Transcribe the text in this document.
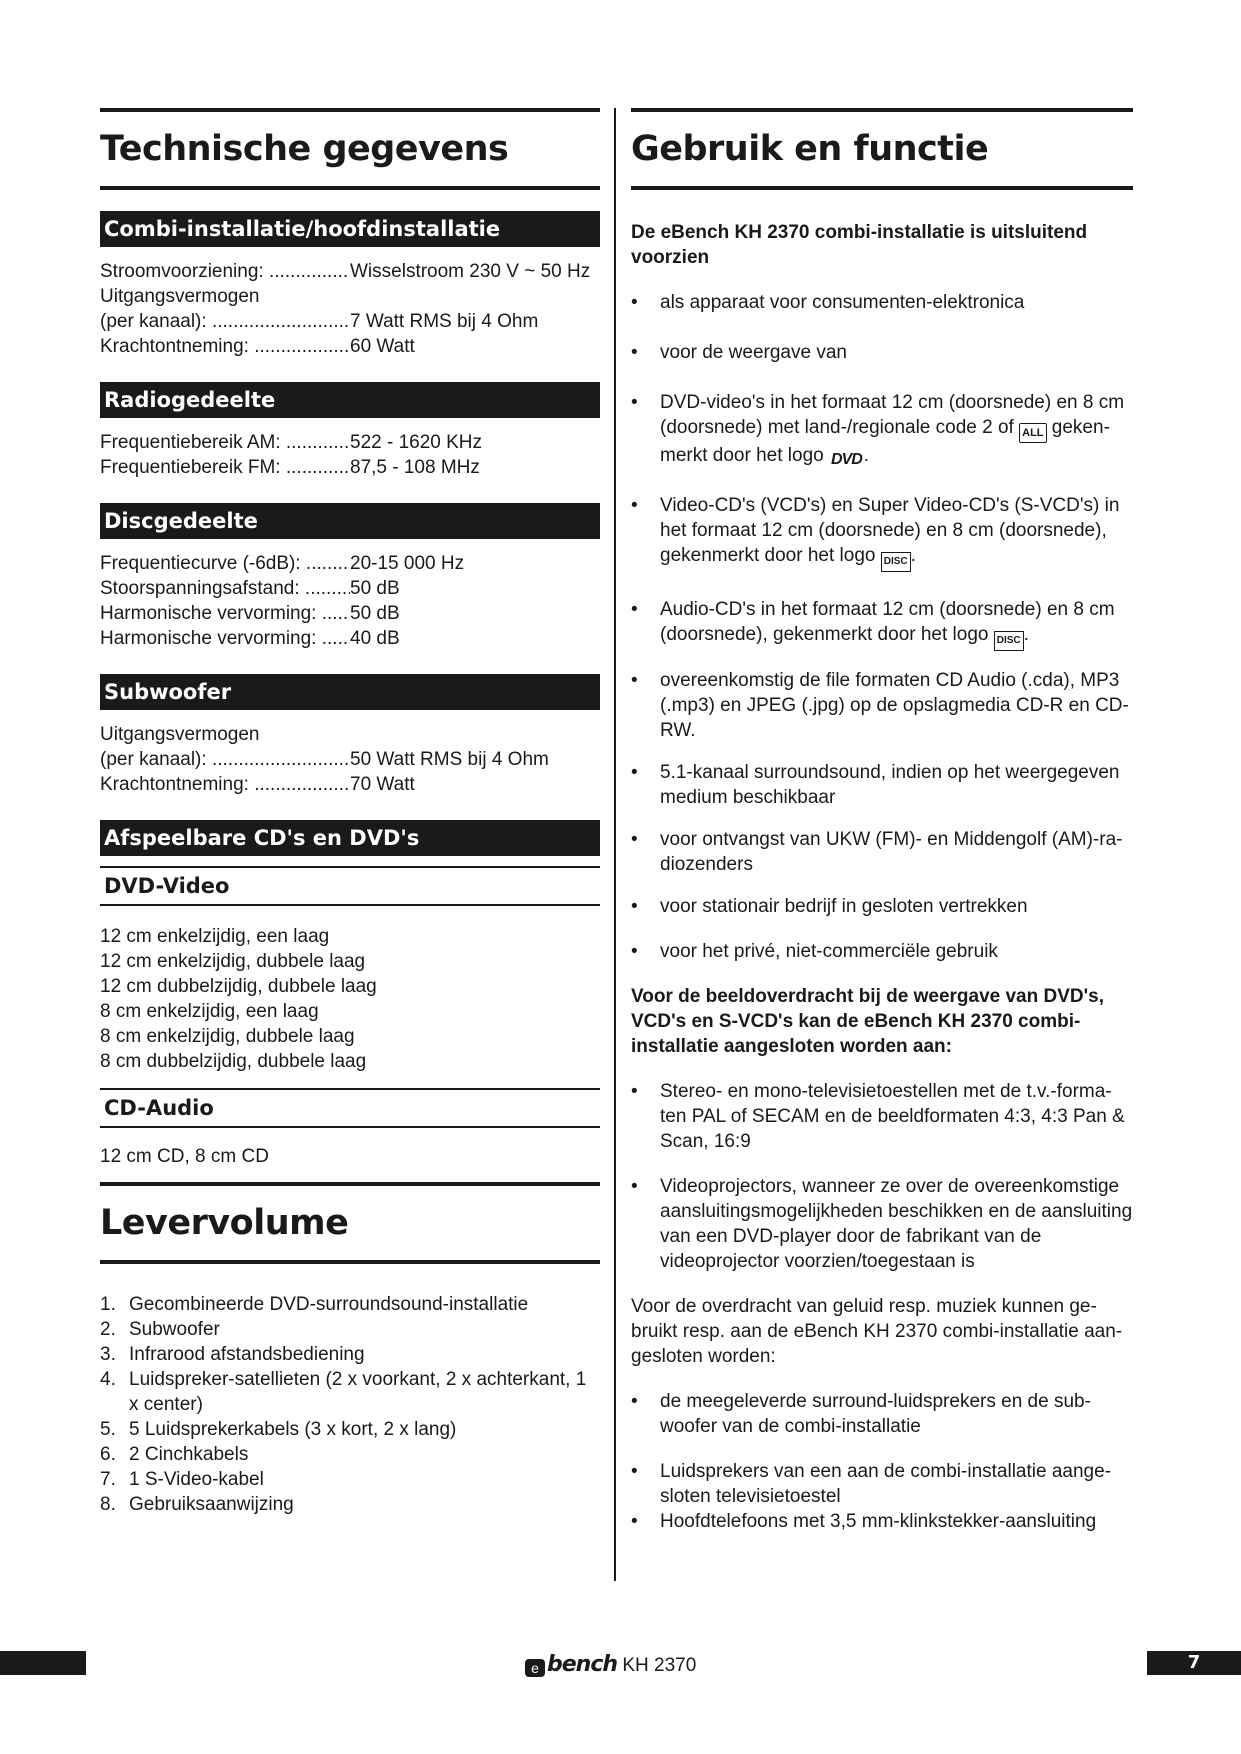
Technische gegevens
Combi-installatie/hoofdinstallatie
Stroomvoorziening: .....	Wisselstroom 230 V ~ 50 Hz
Uitgangsvermogen
(per kanaal): .....	7 Watt RMS bij 4 Ohm
Krachtontneming: .....	60 Watt
Radiogedeelte
Frequentiebereik AM: .....	522 - 1620 KHz
Frequentiebereik FM: .....	87,5 - 108 MHz
Discgedeelte
Frequentiecurve (-6dB): .....	20-15 000 Hz
Stoorspanningsafstand: .....	50 dB
Harmonische vervorming: .....	50 dB
Harmonische vervorming: .....	40 dB
Subwoofer
Uitgangsvermogen
(per kanaal): .....	50 Watt RMS bij 4 Ohm
Krachtontneming: .....	70 Watt
Afspeelbare CD's en DVD's
DVD-Video
12 cm enkelzijdig, een laag
12 cm enkelzijdig, dubbele laag
12 cm dubbelzijdig, dubbele laag
8 cm enkelzijdig, een laag
8 cm enkelzijdig, dubbele laag
8 cm dubbelzijdig, dubbele laag
CD-Audio
12 cm CD, 8 cm CD
Levervolume
1. Gecombineerde DVD-surroundsound-installatie
2. Subwoofer
3. Infrarood afstandsbediening
4. Luidspreker-satellieten (2 x voorkant, 2 x achterkant, 1 x center)
5. 5 Luidsprekerkabels (3 x kort, 2 x lang)
6. 2 Cinchkabels
7. 1 S-Video-kabel
8. Gebruiksaanwijzing
Gebruik en functie
De eBench KH 2370 combi-installatie is uitsluitend voorzien
• als apparaat voor consumenten-elektronica
• voor de weergave van
• DVD-video's in het formaat 12 cm (doorsnede) en 8 cm (doorsnede) met land-/regionale code 2 of ALL geken-merkt door het logo DVD .
• Video-CD's (VCD's) en Super Video-CD's (S-VCD's) in het formaat 12 cm (doorsnede) en 8 cm (doorsnede), gekenmerkt door het logo DISC .
• Audio-CD's in het formaat 12 cm (doorsnede) en 8 cm (doorsnede), gekenmerkt door het logo DISC .
• overeenkomstig de file formaten CD Audio (.cda), MP3 (.mp3) en JPEG (.jpg) op de opslagmedia CD-R en CD-RW.
• 5.1-kanaal surroundsound, indien op het weergegeven medium beschikbaar
• voor ontvangst van UKW (FM)- en Middengolf (AM)-ra-diozenders
• voor stationair bedrijf in gesloten vertrekken
• voor het privé, niet-commerciële gebruik
Voor de beeldoverdracht bij de weergave van DVD's, VCD's en S-VCD's kan de eBench KH 2370 combi-installatie aangesloten worden aan:
• Stereo- en mono-televisietoestellen met de t.v.-forma-ten PAL of SECAM en de beeldformaten 4:3, 4:3 Pan & Scan, 16:9
• Videoprojectors, wanneer ze over de overeenkomstige aansluitingsmogelijkheden beschikken en de aansluiting van een DVD-player door de fabrikant van de videoprojector voorzien/toegestaan is
Voor de overdracht van geluid resp. muziek kunnen ge-bruikt resp. aan de eBench KH 2370 combi-installatie aan-gesloten worden:
• de meegeleverde surround-luidsprekers en de sub-woofer van de combi-installatie
• Luidsprekers van een aan de combi-installatie aange-sloten televisietoestel
• Hoofdtelefoons met 3,5 mm-klinkstekker-aansluiting
e bench KH 2370	7
